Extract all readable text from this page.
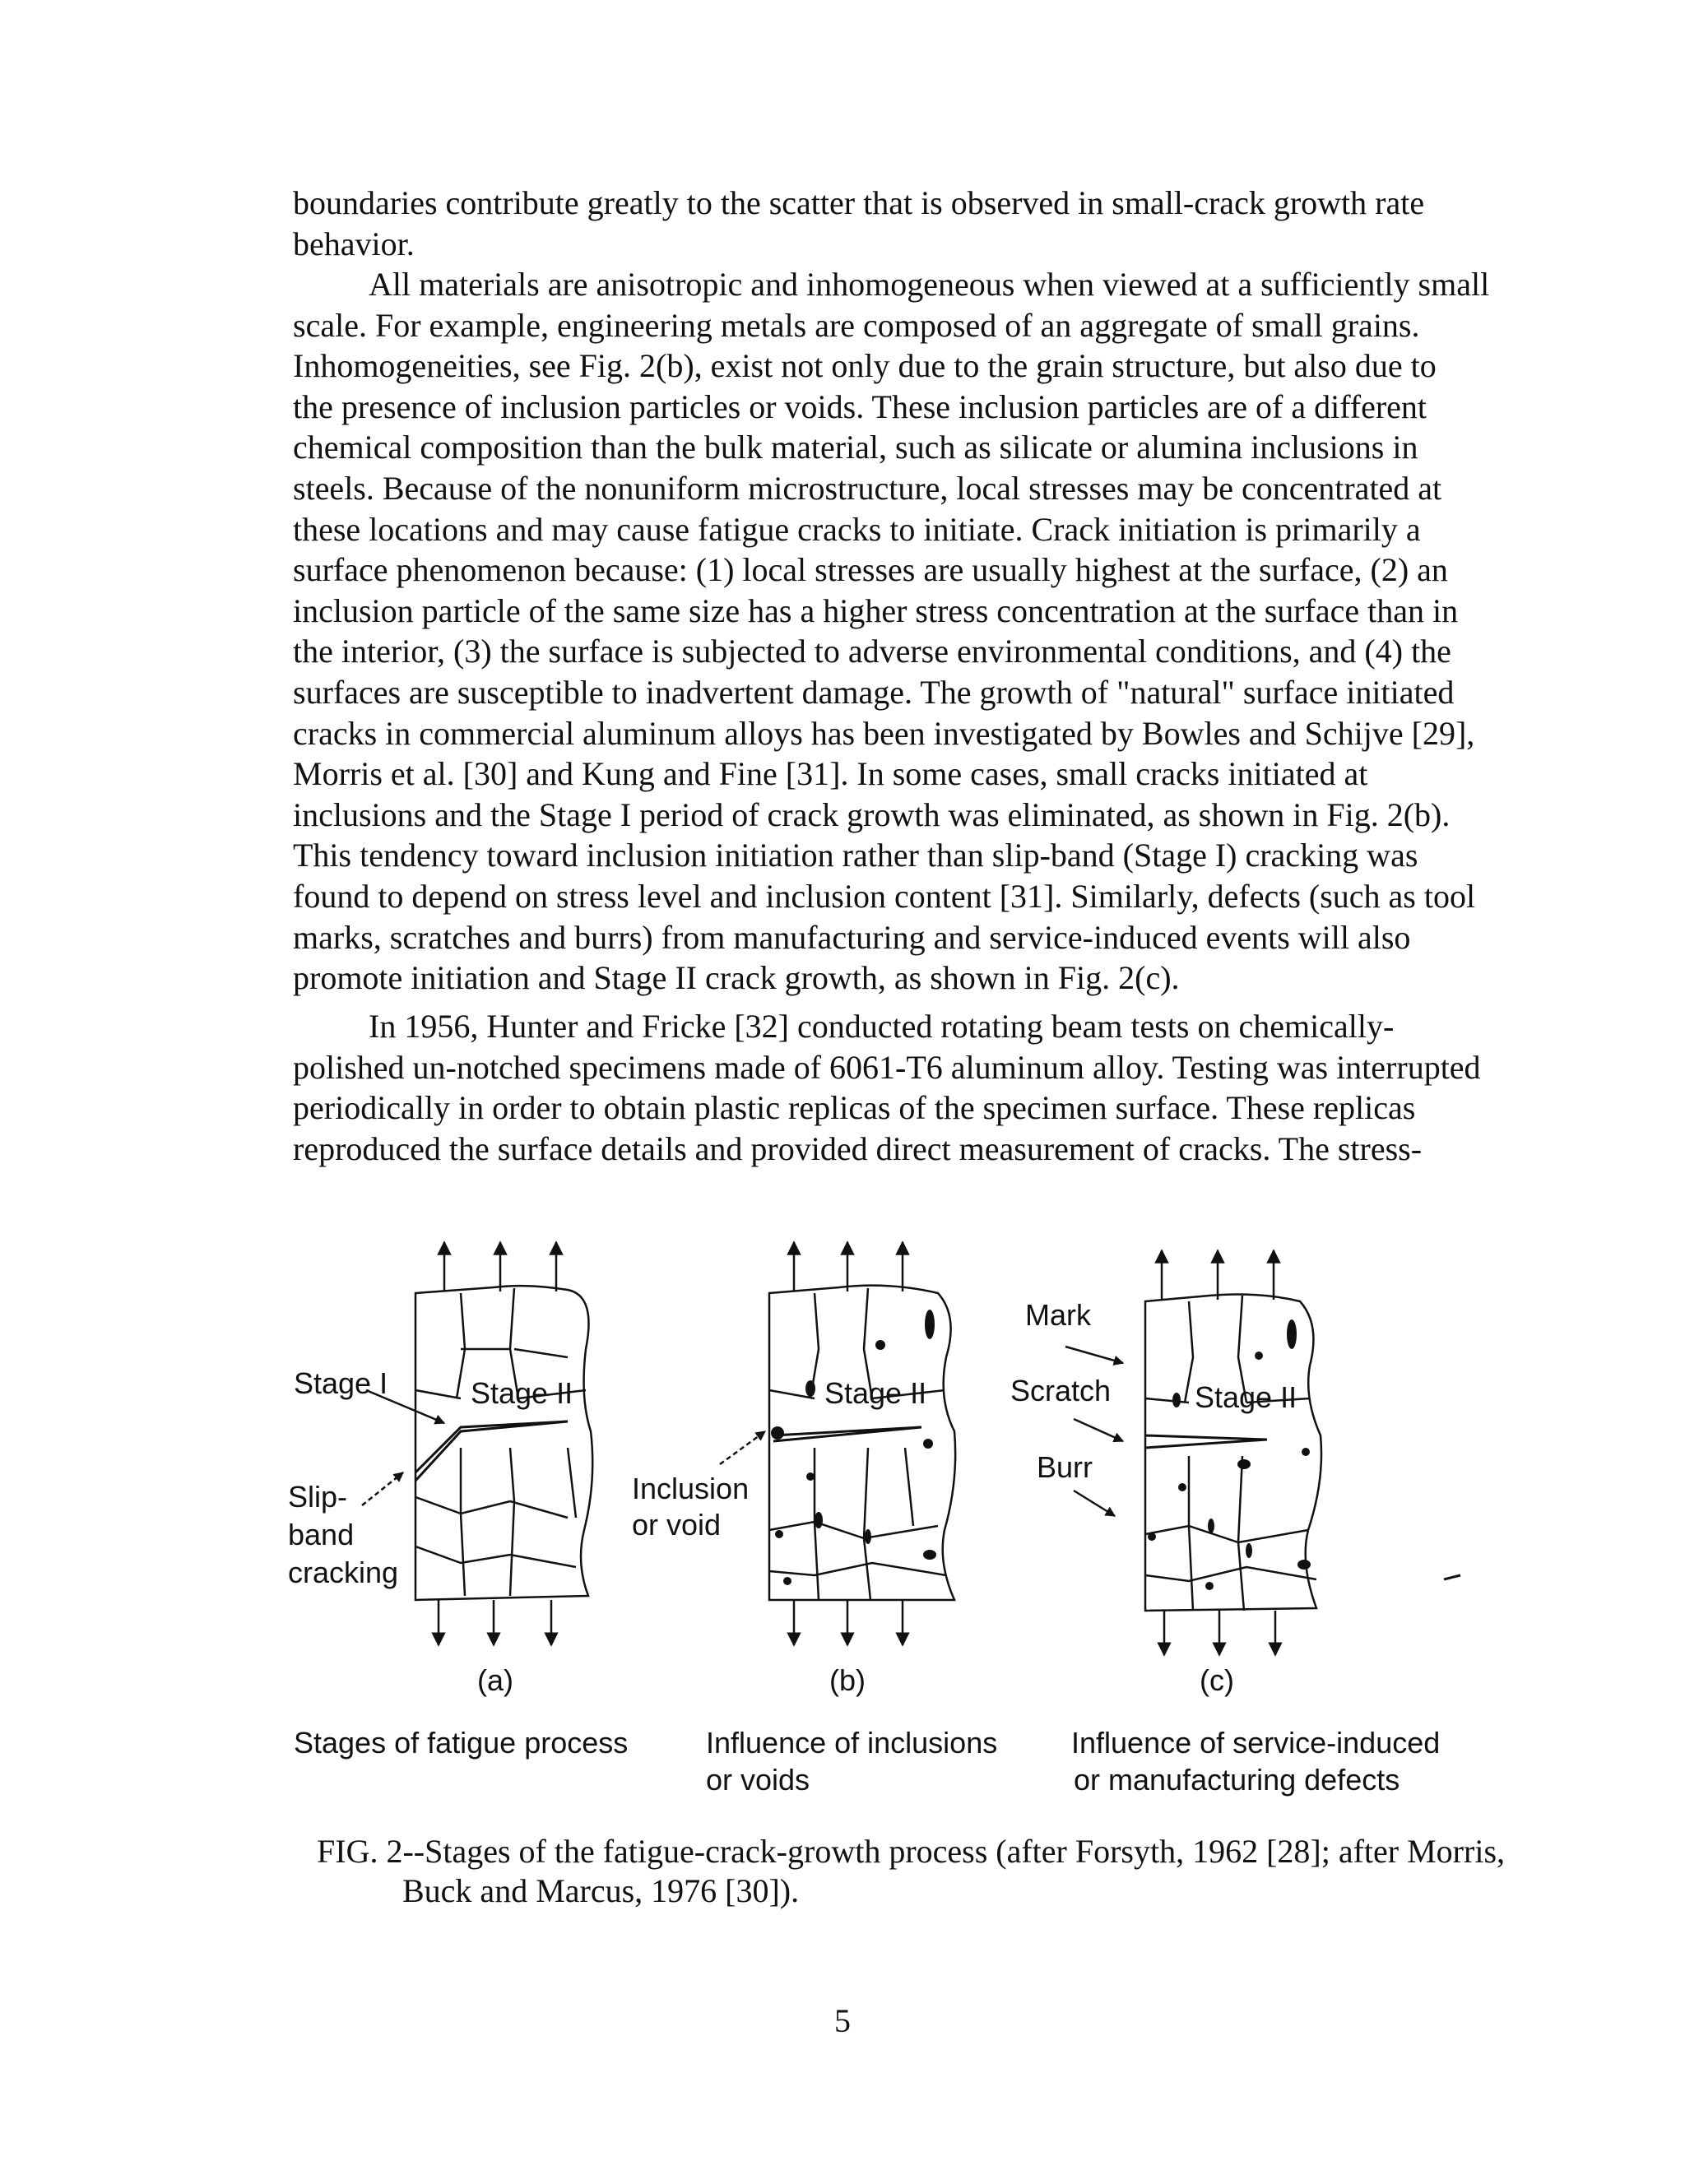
boundaries contribute greatly to the scatter that is observed in small-crack growth rate
behavior.
All materials are anisotropic and inhomogeneous when viewed at a sufficiently small
scale. For example, engineering metals are composed of an aggregate of small grains.
Inhomogeneities, see Fig. 2(b), exist not only due to the grain structure, but also due to
the presence of inclusion particles or voids. These inclusion particles are of a different
chemical composition than the bulk material, such as silicate or alumina inclusions in
steels. Because of the nonuniform microstructure, local stresses may be concentrated at
these locations and may cause fatigue cracks to initiate. Crack initiation is primarily a
surface phenomenon because: (1) local stresses are usually highest at the surface, (2) an
inclusion particle of the same size has a higher stress concentration at the surface than in
the interior, (3) the surface is subjected to adverse environmental conditions, and (4) the
surfaces are susceptible to inadvertent damage. The growth of "natural" surface initiated
cracks in commercial aluminum alloys has been investigated by Bowles and Schijve [29],
Morris et al. [30] and Kung and Fine [31]. In some cases, small cracks initiated at
inclusions and the Stage I period of crack growth was eliminated, as shown in Fig. 2(b).
This tendency toward inclusion initiation rather than slip-band (Stage I) cracking was
found to depend on stress level and inclusion content [31]. Similarly, defects (such as tool
marks, scratches and burrs) from manufacturing and service-induced events will also
promote initiation and Stage II crack growth, as shown in Fig. 2(c).
In 1956, Hunter and Fricke [32] conducted rotating beam tests on chemically-
polished un-notched specimens made of 6061-T6 aluminum alloy. Testing was interrupted
periodically in order to obtain plastic replicas of the specimen surface. These replicas
reproduced the surface details and provided direct measurement of cracks. The stress-
Stage I	Stage II
Slip-
band
cracking
(a)
Stages of fatigue process
Stage II
Inclusion
or void
(b)
Influence of inclusions
or voids
Mark
Scratch	Stage II
Burr
(c)
Influence of service-induced
or manufacturing defects
FIG. 2--Stages of the fatigue-crack-growth process (after Forsyth, 1962 [28]; after Morris,
Buck and Marcus, 1976 [30]).
5
